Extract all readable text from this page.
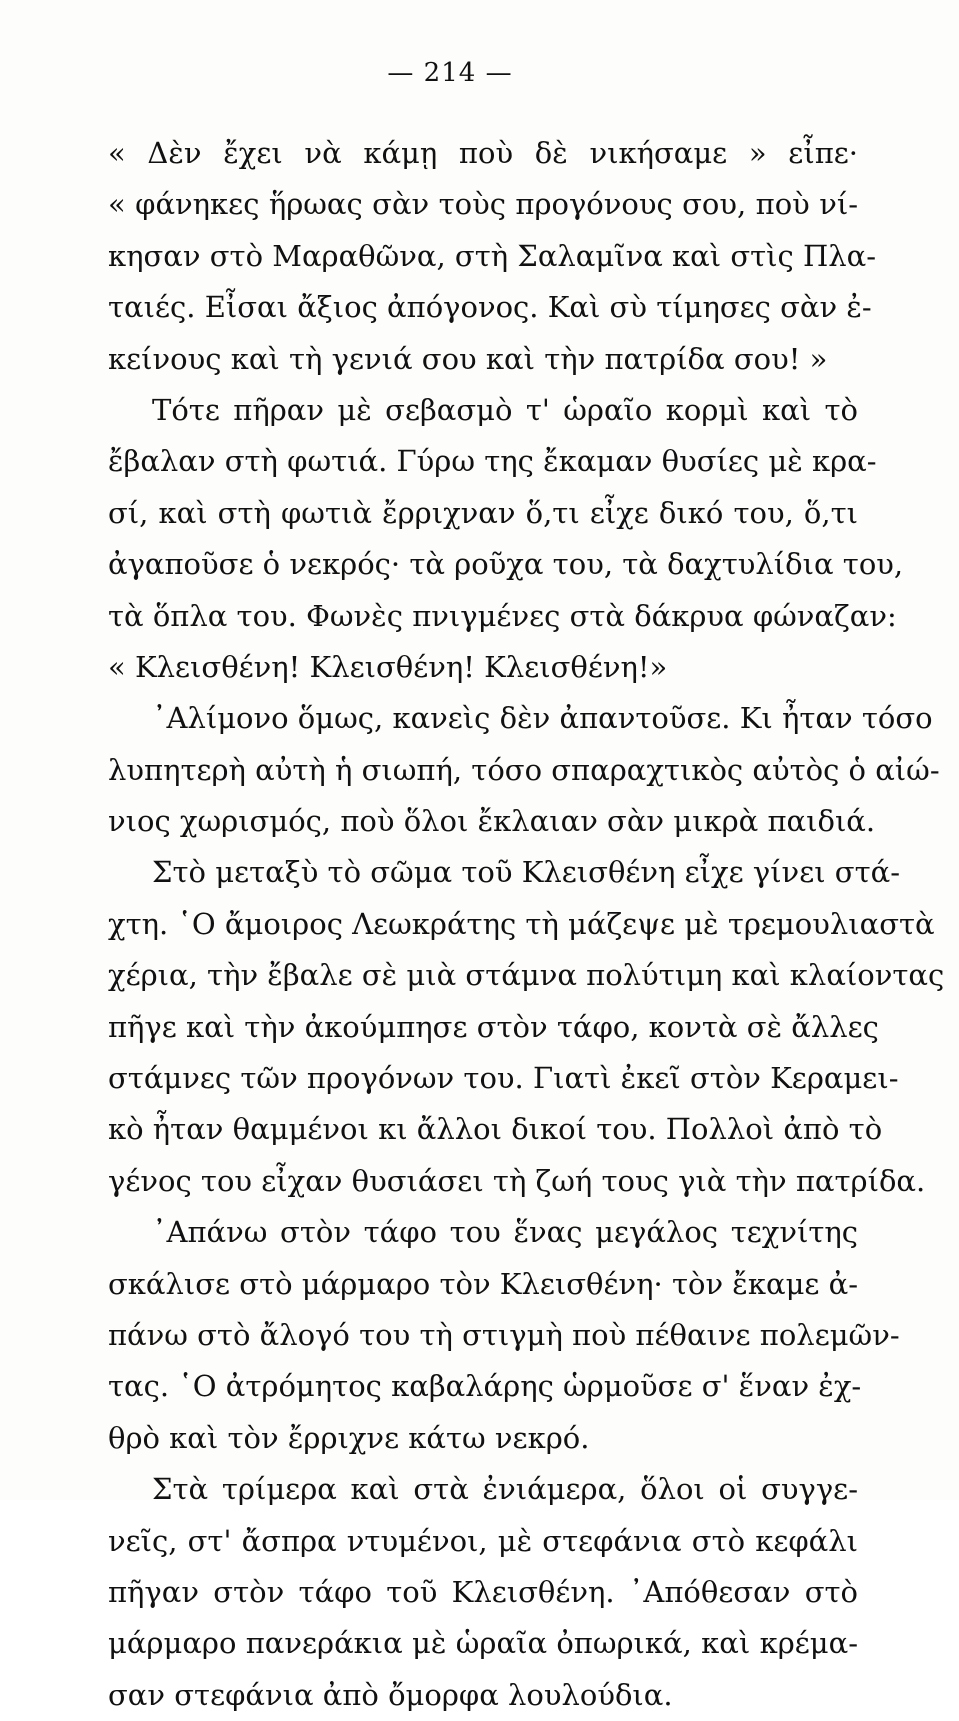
— 214 —
« Δὲν ἔχει νὰ κάμῃ ποὺ δὲ νικήσαμε » εἶπε·
« φάνηκες ἥρωας σὰν τοὺς προγόνους σου, ποὺ νί-
κησαν στὸ Μαραθῶνα, στὴ Σαλαμῖνα καὶ στὶς Πλα-
ταιές. Εἶσαι ἄξιος ἀπόγονος. Καὶ σὺ τίμησες σὰν ἐ-
κείνους καὶ τὴ γενιά σου καὶ τὴν πατρίδα σου! »
Τότε πῆραν μὲ σεβασμὸ τ' ὡραῖο κορμὶ καὶ τὸ
ἔβαλαν στὴ φωτιά. Γύρω της ἔκαμαν θυσίες μὲ κρα-
σί, καὶ στὴ φωτιὰ ἔρριχναν ὅ,τι εἶχε δικό του, ὅ,τι
ἀγαποῦσε ὁ νεκρός· τὰ ροῦχα του, τὰ δαχτυλίδια του,
τὰ ὅπλα του. Φωνὲς πνιγμένες στὰ δάκρυα φώναζαν:
« Κλεισθένη! Κλεισθένη! Κλεισθένη!»
᾿Αλίμονο ὅμως, κανεὶς δὲν ἀπαντοῦσε. Κι ἦταν τόσο
λυπητερὴ αὐτὴ ἡ σιωπή, τόσο σπαραχτικὸς αὐτὸς ὁ αἰώ-
νιος χωρισμός, ποὺ ὅλοι ἔκλαιαν σὰν μικρὰ παιδιά.
Στὸ μεταξὺ τὸ σῶμα τοῦ Κλεισθένη εἶχε γίνει στά-
χτη. ῾Ο ἄμοιρος Λεωκράτης τὴ μάζεψε μὲ τρεμουλιαστὰ
χέρια, τὴν ἔβαλε σὲ μιὰ στάμνα πολύτιμη καὶ κλαίοντας
πῆγε καὶ τὴν ἀκούμπησε στὸν τάφο, κοντὰ σὲ ἄλλες
στάμνες τῶν προγόνων του. Γιατὶ ἐκεῖ στὸν Κεραμει-
κὸ ἦταν θαμμένοι κι ἄλλοι δικοί του. Πολλοὶ ἀπὸ τὸ
γένος του εἶχαν θυσιάσει τὴ ζωή τους γιὰ τὴν πατρίδα.
᾿Απάνω στὸν τάφο του ἕνας μεγάλος τεχνίτης
σκάλισε στὸ μάρμαρο τὸν Κλεισθένη· τὸν ἔκαμε ἀ-
πάνω στὸ ἄλογό του τὴ στιγμὴ ποὺ πέθαινε πολεμῶν-
τας. ῾Ο ἀτρόμητος καβαλάρης ὡρμοῦσε σ' ἕναν ἐχ-
θρὸ καὶ τὸν ἔρριχνε κάτω νεκρό.
Στὰ τρίμερα καὶ στὰ ἐνιάμερα, ὅλοι οἱ συγγε-
νεῖς, στ' ἄσπρα ντυμένοι, μὲ στεφάνια στὸ κεφάλι
πῆγαν στὸν τάφο τοῦ Κλεισθένη. ᾿Απόθεσαν στὸ
μάρμαρο πανεράκια μὲ ὡραῖα ὀπωρικά, καὶ κρέμα-
σαν στεφάνια ἀπὸ ὄμορφα λουλούδια.
